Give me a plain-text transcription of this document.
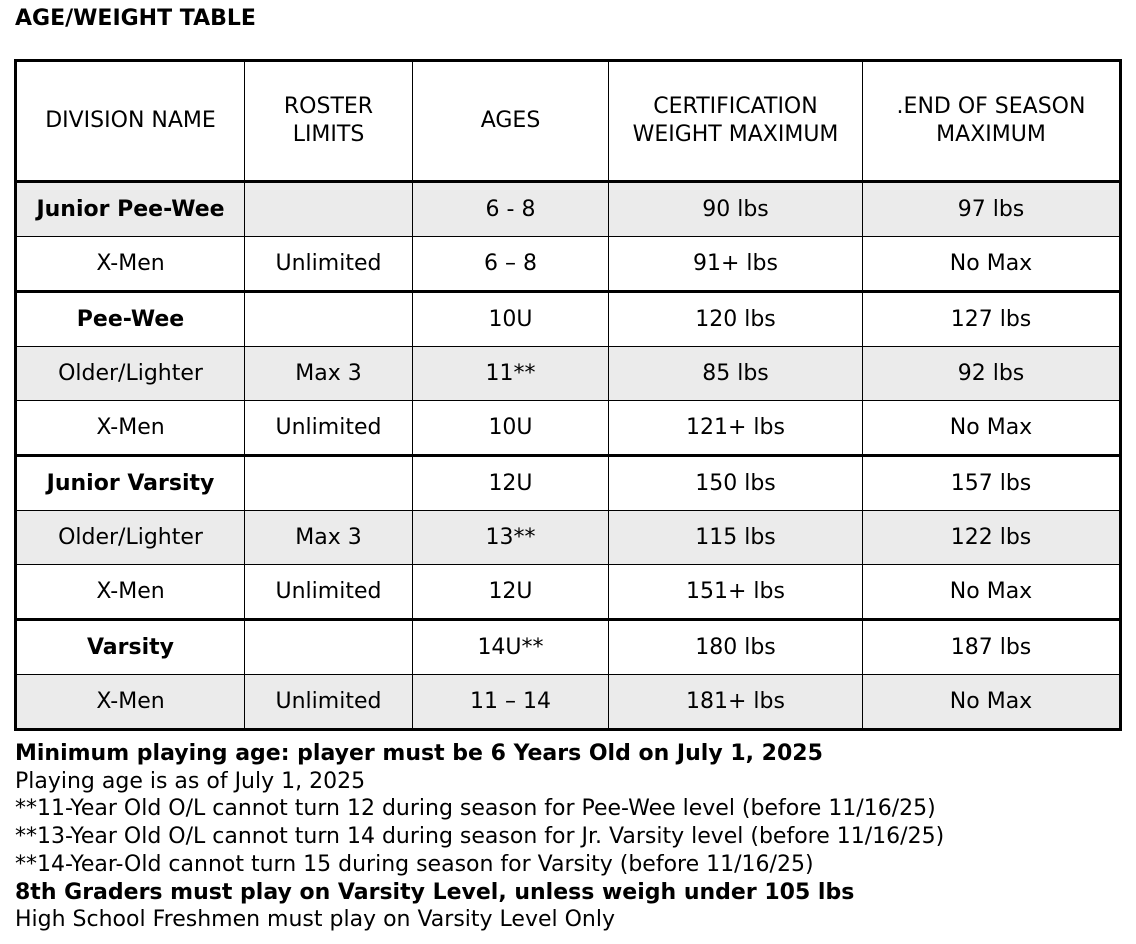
AGE/WEIGHT TABLE
DIVISION NAME	ROSTER LIMITS	AGES	CERTIFICATION WEIGHT MAXIMUM	.END OF SEASON MAXIMUM
Junior Pee-Wee		6 - 8	90 lbs	97 lbs
X-Men	Unlimited	6 – 8	91+ lbs	No Max
Pee-Wee		10U	120 lbs	127 lbs
Older/Lighter	Max 3	11**	85 lbs	92 lbs
X-Men	Unlimited	10U	121+ lbs	No Max
Junior Varsity		12U	150 lbs	157 lbs
Older/Lighter	Max 3	13**	115 lbs	122 lbs
X-Men	Unlimited	12U	151+ lbs	No Max
Varsity		14U**	180 lbs	187 lbs
X-Men	Unlimited	11 – 14	181+ lbs	No Max
Minimum playing age: player must be 6 Years Old on July 1, 2025
Playing age is as of July 1, 2025
**11-Year Old O/L cannot turn 12 during season for Pee-Wee level (before 11/16/25)
**13-Year Old O/L cannot turn 14 during season for Jr. Varsity level (before 11/16/25)
**14-Year-Old cannot turn 15 during season for Varsity (before 11/16/25)
8th Graders must play on Varsity Level, unless weigh under 105 lbs
High School Freshmen must play on Varsity Level Only
